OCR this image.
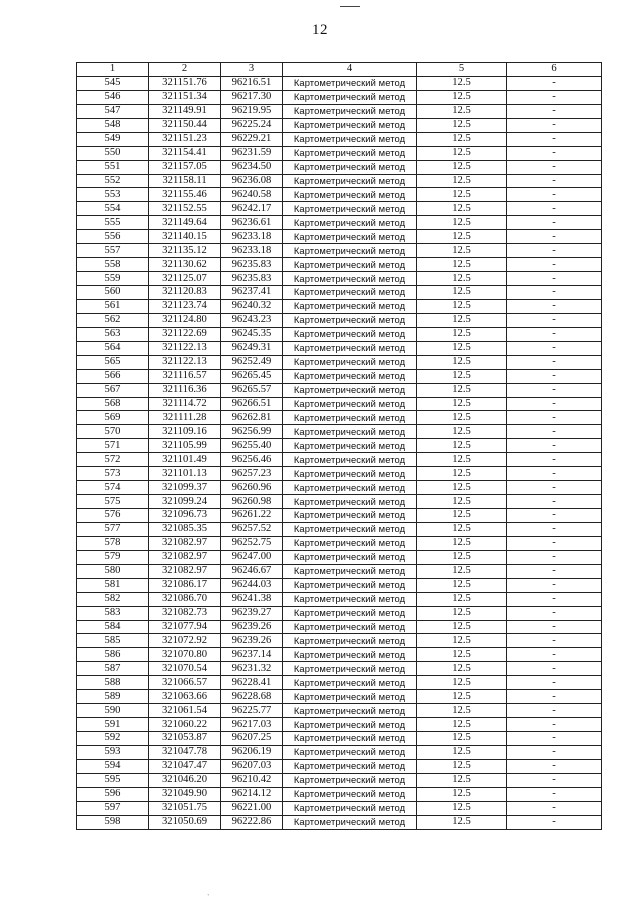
12
1	2	3	4	5	6
545	321151.76	96216.51	Картометрический метод	12.5	-
546	321151.34	96217.30	Картометрический метод	12.5	-
547	321149.91	96219.95	Картометрический метод	12.5	-
548	321150.44	96225.24	Картометрический метод	12.5	-
549	321151.23	96229.21	Картометрический метод	12.5	-
550	321154.41	96231.59	Картометрический метод	12.5	-
551	321157.05	96234.50	Картометрический метод	12.5	-
552	321158.11	96236.08	Картометрический метод	12.5	-
553	321155.46	96240.58	Картометрический метод	12.5	-
554	321152.55	96242.17	Картометрический метод	12.5	-
555	321149.64	96236.61	Картометрический метод	12.5	-
556	321140.15	96233.18	Картометрический метод	12.5	-
557	321135.12	96233.18	Картометрический метод	12.5	-
558	321130.62	96235.83	Картометрический метод	12.5	-
559	321125.07	96235.83	Картометрический метод	12.5	-
560	321120.83	96237.41	Картометрический метод	12.5	-
561	321123.74	96240.32	Картометрический метод	12.5	-
562	321124.80	96243.23	Картометрический метод	12.5	-
563	321122.69	96245.35	Картометрический метод	12.5	-
564	321122.13	96249.31	Картометрический метод	12.5	-
565	321122.13	96252.49	Картометрический метод	12.5	-
566	321116.57	96265.45	Картометрический метод	12.5	-
567	321116.36	96265.57	Картометрический метод	12.5	-
568	321114.72	96266.51	Картометрический метод	12.5	-
569	321111.28	96262.81	Картометрический метод	12.5	-
570	321109.16	96256.99	Картометрический метод	12.5	-
571	321105.99	96255.40	Картометрический метод	12.5	-
572	321101.49	96256.46	Картометрический метод	12.5	-
573	321101.13	96257.23	Картометрический метод	12.5	-
574	321099.37	96260.96	Картометрический метод	12.5	-
575	321099.24	96260.98	Картометрический метод	12.5	-
576	321096.73	96261.22	Картометрический метод	12.5	-
577	321085.35	96257.52	Картометрический метод	12.5	-
578	321082.97	96252.75	Картометрический метод	12.5	-
579	321082.97	96247.00	Картометрический метод	12.5	-
580	321082.97	96246.67	Картометрический метод	12.5	-
581	321086.17	96244.03	Картометрический метод	12.5	-
582	321086.70	96241.38	Картометрический метод	12.5	-
583	321082.73	96239.27	Картометрический метод	12.5	-
584	321077.94	96239.26	Картометрический метод	12.5	-
585	321072.92	96239.26	Картометрический метод	12.5	-
586	321070.80	96237.14	Картометрический метод	12.5	-
587	321070.54	96231.32	Картометрический метод	12.5	-
588	321066.57	96228.41	Картометрический метод	12.5	-
589	321063.66	96228.68	Картометрический метод	12.5	-
590	321061.54	96225.77	Картометрический метод	12.5	-
591	321060.22	96217.03	Картометрический метод	12.5	-
592	321053.87	96207.25	Картометрический метод	12.5	-
593	321047.78	96206.19	Картометрический метод	12.5	-
594	321047.47	96207.03	Картометрический метод	12.5	-
595	321046.20	96210.42	Картометрический метод	12.5	-
596	321049.90	96214.12	Картометрический метод	12.5	-
597	321051.75	96221.00	Картометрический метод	12.5	-
598	321050.69	96222.86	Картометрический метод	12.5	-
`
